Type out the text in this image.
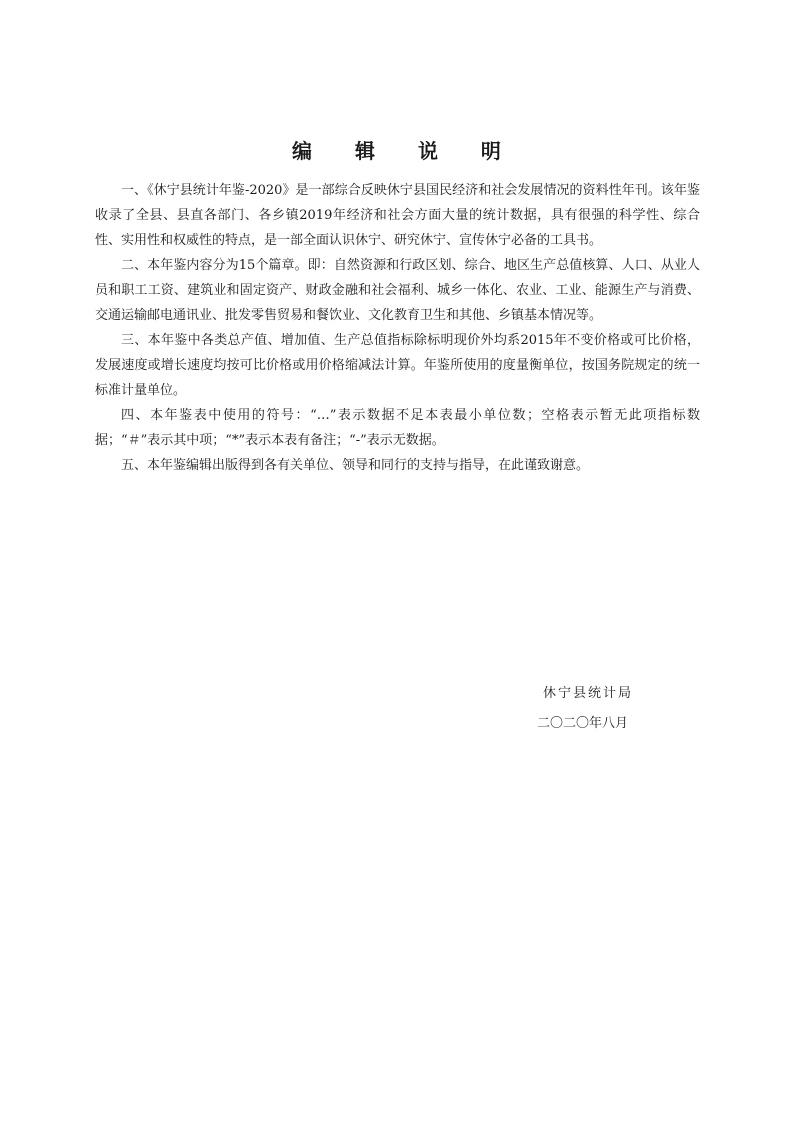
编 辑 说 明

一、《休宁县统计年鉴-2020》是一部综合反映休宁县国民经济和社会发展情况的资料性年刊。该年鉴收录了全县、县直各部门、各乡镇2019年经济和社会方面大量的统计数据，具有很强的科学性、综合性、实用性和权威性的特点，是一部全面认识休宁、研究休宁、宣传休宁必备的工具书。

二、本年鉴内容分为15个篇章。即：自然资源和行政区划、综合、地区生产总值核算、人口、从业人员和职工工资、建筑业和固定资产、财政金融和社会福利、城乡一体化、农业、工业、能源生产与消费、交通运输邮电通讯业、批发零售贸易和餐饮业、文化教育卫生和其他、乡镇基本情况等。

三、本年鉴中各类总产值、增加值、生产总值指标除标明现价外均系2015年不变价格或可比价格，发展速度或增长速度均按可比价格或用价格缩减法计算。年鉴所使用的度量衡单位，按国务院规定的统一标准计量单位。

四、本年鉴表中使用的符号：“…”表示数据不足本表最小单位数；空格表示暂无此项指标数据；“＃”表示其中项；“*”表示本表有备注；“-”表示无数据。

五、本年鉴编辑出版得到各有关单位、领导和同行的支持与指导，在此谨致谢意。

休宁县统计局
二〇二〇年八月
